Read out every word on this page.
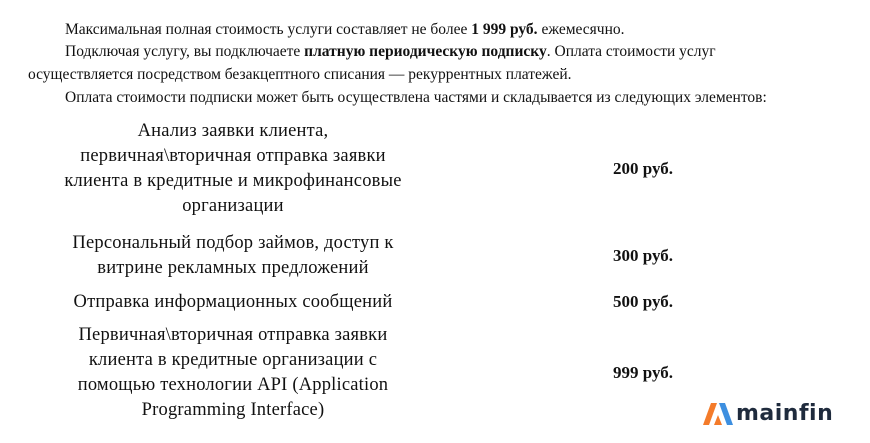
Максимальная полная стоимость услуги составляет не более 1 999 руб. ежемесячно.
Подключая услугу, вы подключаете платную периодическую подписку. Оплата стоимости услуг
осуществляется посредством безакцептного списания — рекуррентных платежей.
Оплата стоимости подписки может быть осуществлена частями и складывается из следующих элементов:
Анализ заявки клиента,
первичная\вторичная отправка заявки
клиента в кредитные и микрофинансовые
организации	200 руб.

Персональный подбор займов, доступ к
витрине рекламных предложений	300 руб.

Отправка информационных сообщений	500 руб.

Первичная\вторичная отправка заявки
клиента в кредитные организации с
помощью технологии API (Application
Programming Interface)	999 руб.
mainfin
